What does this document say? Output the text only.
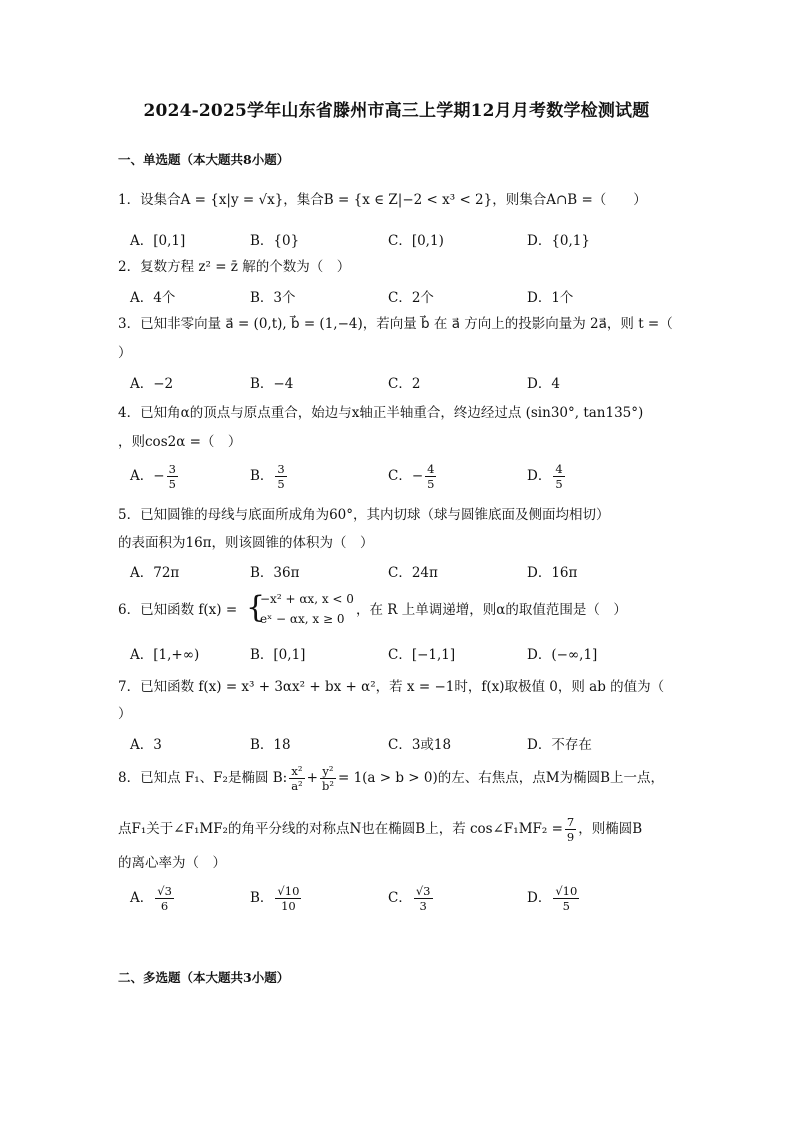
2024-2025学年山东省滕州市高三上学期12月月考数学检测试题
一、单选题（本大题共8小题）
1．设集合A = {x|y = √x}，集合B = {x ∈ Z|−2 < x³ < 2}，则集合A∩B =（　　）
A．[0,1]	B．{0}	C．[0,1)	D．{0,1}
2．复数方程 z² = z̄ 解的个数为（　）
A．4个	B．3个	C．2个	D．1个
3．已知非零向量 a⃗ = (0,t), b⃗ = (1,−4)，若向量 b⃗ 在 a⃗ 方向上的投影向量为 2a⃗，则 t =（
）
A．−2	B．−4	C．2	D．4
4．已知角α的顶点与原点重合，始边与x轴正半轴重合，终边经过点 (sin30°, tan135°)
，则cos2α =（　）
A．− $\frac{3}{5}$	B． $\frac{3}{5}$	C．− $\frac{4}{5}$	D． $\frac{4}{5}$
5．已知圆锥的母线与底面所成角为60°，其内切球（球与圆锥底面及侧面均相切）
的表面积为16π，则该圆锥的体积为（　）
A．72π	B．36π	C．24π	D．16π
6．已知函数 f(x) = {
−x² + αx, x < 0
eˣ − αx, x ≥ 0
，在 R 上单调递增，则α的取值范围是（　）
A．[1,+∞)	B．[0,1]	C．[−1,1]	D．(−∞,1]
7．已知函数 f(x) = x³ + 3αx² + bx + α²，若 x = −1时，f(x)取极值 0，则 ab 的值为（
）
A．3	B．18	C．3或18	D．不存在
8．已知点 F₁、F₂是椭圆 B: $\frac{\text{x²}}{\text{a²}} + \frac{\text{y²}}{\text{b²}} = 1(a > b > 0)$的左、右焦点，点M为椭圆B上一点，
点F₁关于∠F₁MF₂的角平分线的对称点N也在椭圆B上，若 cos∠F₁MF₂ = $\frac{7}{9}$ ，则椭圆B
的离心率为（　）
A． $\frac{√3}{6}$	B． $\frac{√10}{10}$	C． $\frac{√3}{3}$	D． $\frac{√10}{5}$
二、多选题（本大题共3小题）
